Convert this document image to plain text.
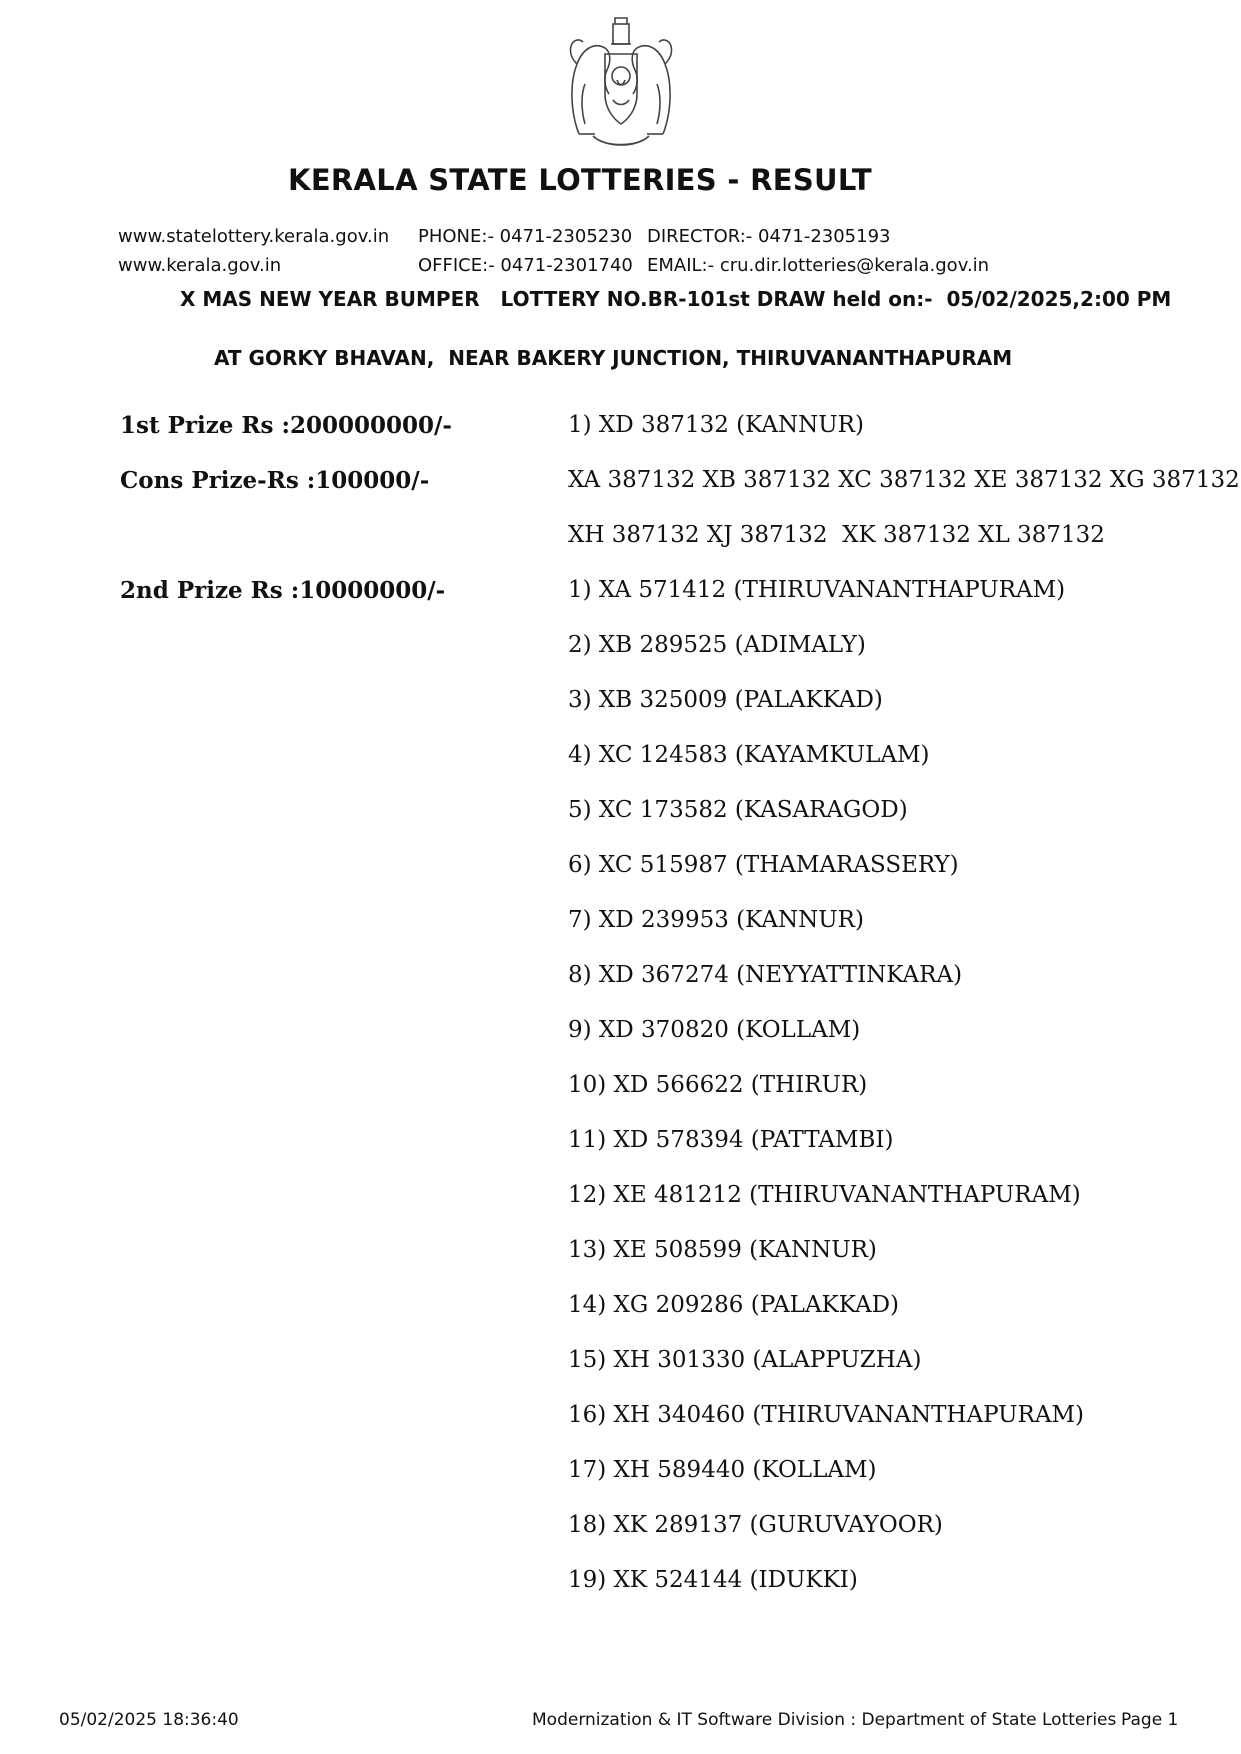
KERALA STATE LOTTERIES - RESULT
www.statelottery.kerala.gov.in
www.kerala.gov.in
PHONE:- 0471-2305230
OFFICE:- 0471-2301740
DIRECTOR:- 0471-2305193
EMAIL:- cru.dir.lotteries@kerala.gov.in
X MAS NEW YEAR BUMPER   LOTTERY NO.BR-101st DRAW held on:-  05/02/2025,2:00 PM
AT GORKY BHAVAN,  NEAR BAKERY JUNCTION, THIRUVANANTHAPURAM
1st Prize Rs :200000000/-	1) XD 387132 (KANNUR)
Cons Prize-Rs :100000/-	XA 387132 XB 387132 XC 387132 XE 387132 XG 387132
XH 387132 XJ 387132  XK 387132 XL 387132
2nd Prize Rs :10000000/-	1) XA 571412 (THIRUVANANTHAPURAM)
2) XB 289525 (ADIMALY)
3) XB 325009 (PALAKKAD)
4) XC 124583 (KAYAMKULAM)
5) XC 173582 (KASARAGOD)
6) XC 515987 (THAMARASSERY)
7) XD 239953 (KANNUR)
8) XD 367274 (NEYYATTINKARA)
9) XD 370820 (KOLLAM)
10) XD 566622 (THIRUR)
11) XD 578394 (PATTAMBI)
12) XE 481212 (THIRUVANANTHAPURAM)
13) XE 508599 (KANNUR)
14) XG 209286 (PALAKKAD)
15) XH 301330 (ALAPPUZHA)
16) XH 340460 (THIRUVANANTHAPURAM)
17) XH 589440 (KOLLAM)
18) XK 289137 (GURUVAYOOR)
19) XK 524144 (IDUKKI)
05/02/2025 18:36:40	Modernization & IT Software Division : Department of State Lotteries Page 1
